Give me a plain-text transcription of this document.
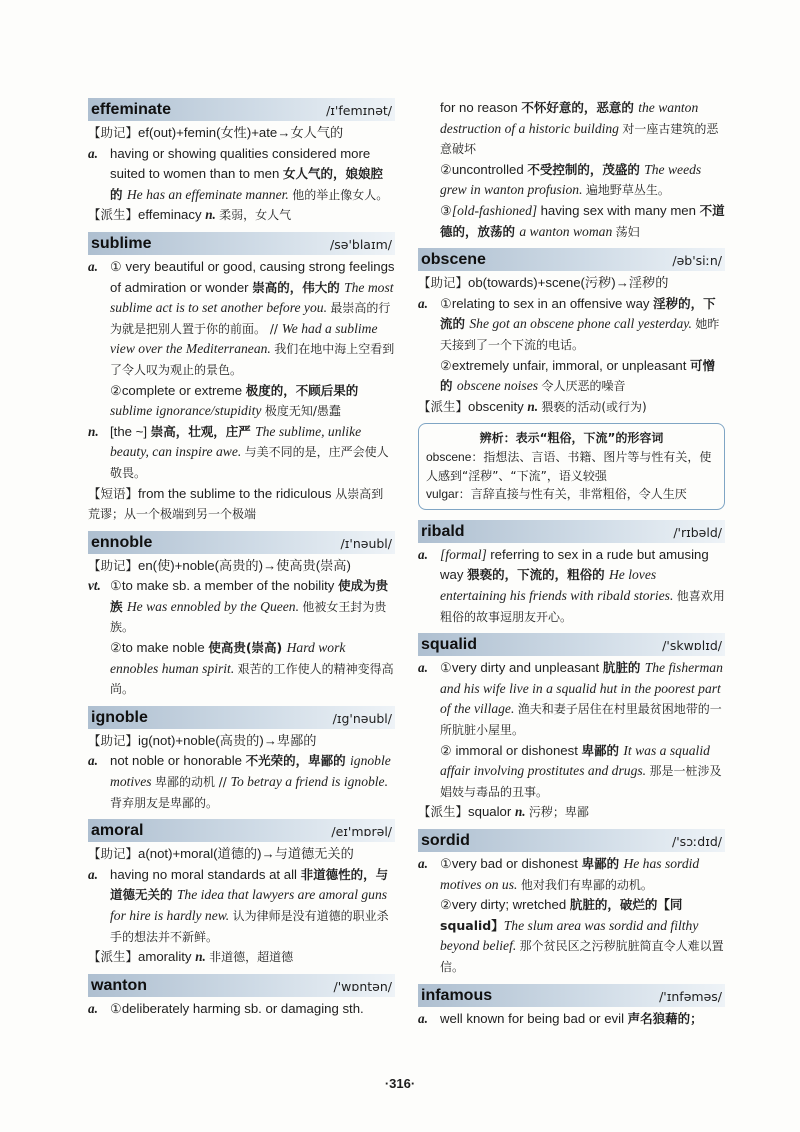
effeminate	/ɪ'femɪnət/

【助记】ef(out)+femin(女性)+ate→女人气的

a. having or showing qualities considered more suited to women than to men 女人气的，娘娘腔的 He has an effeminate manner. 他的举止像女人。

【派生】effeminacy n. 柔弱，女人气

sublime	/sə'blaɪm/

a. ① very beautiful or good, causing strong feelings of admiration or wonder 崇高的，伟大的 The most sublime act is to set another before you. 最崇高的行为就是把别人置于你的前面。 // We had a sublime view over the Mediterranean. 我们在地中海上空看到了令人叹为观止的景色。

②complete or extreme 极度的，不顾后果的 sublime ignorance/stupidity 极度无知/愚蠢

n. [the ~] 崇高，壮观，庄严 The sublime, unlike beauty, can inspire awe. 与美不同的是，庄严会使人敬畏。

【短语】from the sublime to the ridiculous 从崇高到荒谬；从一个极端到另一个极端

ennoble	/ɪ'nəubl/

【助记】en(使)+noble(高贵的)→使高贵(崇高)

vt. ①to make sb. a member of the nobility 使成为贵族 He was ennobled by the Queen. 他被女王封为贵族。

②to make noble 使高贵(崇高) Hard work ennobles human spirit. 艰苦的工作使人的精神变得高尚。

ignoble	/ɪg'nəubl/

【助记】ig(not)+noble(高贵的)→卑鄙的

a. not noble or honorable 不光荣的，卑鄙的 ignoble motives 卑鄙的动机 // To betray a friend is ignoble. 背弃朋友是卑鄙的。

amoral	/eɪ'mɒrəl/

【助记】a(not)+moral(道德的)→与道德无关的

a. having no moral standards at all 非道德性的，与道德无关的 The idea that lawyers are amoral guns for hire is hardly new. 认为律师是没有道德的职业杀手的想法并不新鲜。

【派生】amorality n. 非道德，超道德

wanton	/'wɒntən/

a. ①deliberately harming sb. or damaging sth.

for no reason 不怀好意的，恶意的 the wanton destruction of a historic building 对一座古建筑的恶意破坏

②uncontrolled 不受控制的，茂盛的 The weeds grew in wanton profusion. 遍地野草丛生。

③[old-fashioned] having sex with many men 不道德的，放荡的 a wanton woman 荡妇

obscene	/əb'siːn/

【助记】ob(towards)+scene(污秽)→淫秽的

a. ①relating to sex in an offensive way 淫秽的，下流的 She got an obscene phone call yesterday. 她昨天接到了一个下流的电话。

②extremely unfair, immoral, or unpleasant 可憎的 obscene noises 令人厌恶的噪音

【派生】obscenity n. 猥亵的活动(或行为)

辨析：表示“粗俗，下流”的形容词

obscene：指想法、言语、书籍、图片等与性有关，使人感到“淫秽”、“下流”，语义较强

vulgar：言辞直接与性有关，非常粗俗，令人生厌

ribald	/'rɪbəld/

a. [formal] referring to sex in a rude but amusing way 猥亵的，下流的，粗俗的 He loves entertaining his friends with ribald stories. 他喜欢用粗俗的故事逗朋友开心。

squalid	/'skwɒlɪd/

a. ①very dirty and unpleasant 肮脏的 The fisherman and his wife live in a squalid hut in the poorest part of the village. 渔夫和妻子居住在村里最贫困地带的一所肮脏小屋里。

② immoral or dishonest 卑鄙的 It was a squalid affair involving prostitutes and drugs. 那是一桩涉及娼妓与毒品的丑事。

【派生】squalor n. 污秽；卑鄙

sordid	/'sɔːdɪd/

a. ①very bad or dishonest 卑鄙的 He has sordid motives on us. 他对我们有卑鄙的动机。

②very dirty; wretched 肮脏的，破烂的【同 squalid】The slum area was sordid and filthy beyond belief. 那个贫民区之污秽肮脏简直令人难以置信。

infamous	/'ɪnfəməs/

a. well known for being bad or evil 声名狼藉的；

·316·
